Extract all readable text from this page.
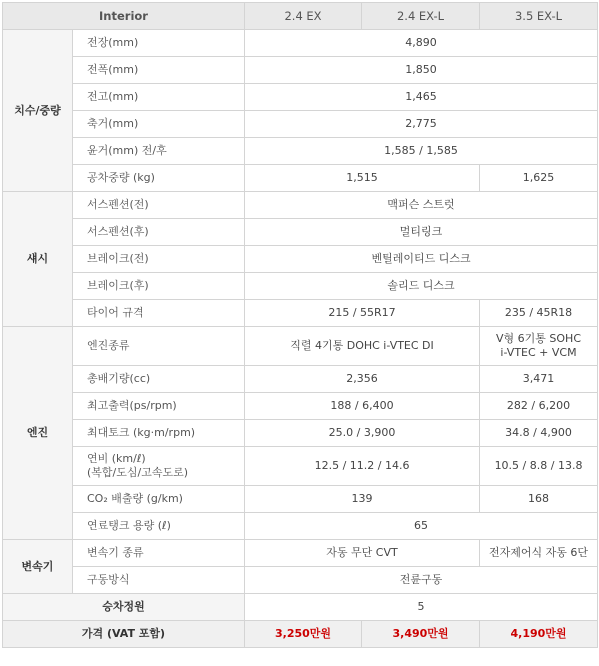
Interior		2.4 EX	2.4 EX-L	3.5 EX-L
치수/중량	전장(mm)	4,890		
	전폭(mm)	1,850		
	전고(mm)	1,465		
	축거(mm)	2,775		
	윤거(mm) 전/후	1,585 / 1,585		
	공차중량 (kg)	1,515		1,625
섀시	서스펜션(전)	맥퍼슨 스트럿		
	서스펜션(후)	멀티링크		
	브레이크(전)	벤틸레이티드 디스크		
	브레이크(후)	솔리드 디스크		
	타이어 규격	215 / 55R17		235 / 45R18
엔진	엔진종류	직렬 4기통 DOHC i-VTEC DI		V형 6기통 SOHC
i-VTEC + VCM
	총배기량(cc)	2,356		3,471
	최고출력(ps/rpm)	188 / 6,400		282 / 6,200
	최대토크 (kg·m/rpm)	25.0 / 3,900		34.8 / 4,900
	연비 (km/ℓ)
(복합/도심/고속도로)	12.5 / 11.2 / 14.6		10.5 / 8.8 / 13.8
	CO₂ 배출량 (g/km)	139		168
	연료탱크 용량 (ℓ)	65		
변속기	변속기 종류	자동 무단 CVT		전자제어식 자동 6단
	구동방식	전륜구동		
승차정원		5		
가격 (VAT 포함)		3,250만원	3,490만원	4,190만원
